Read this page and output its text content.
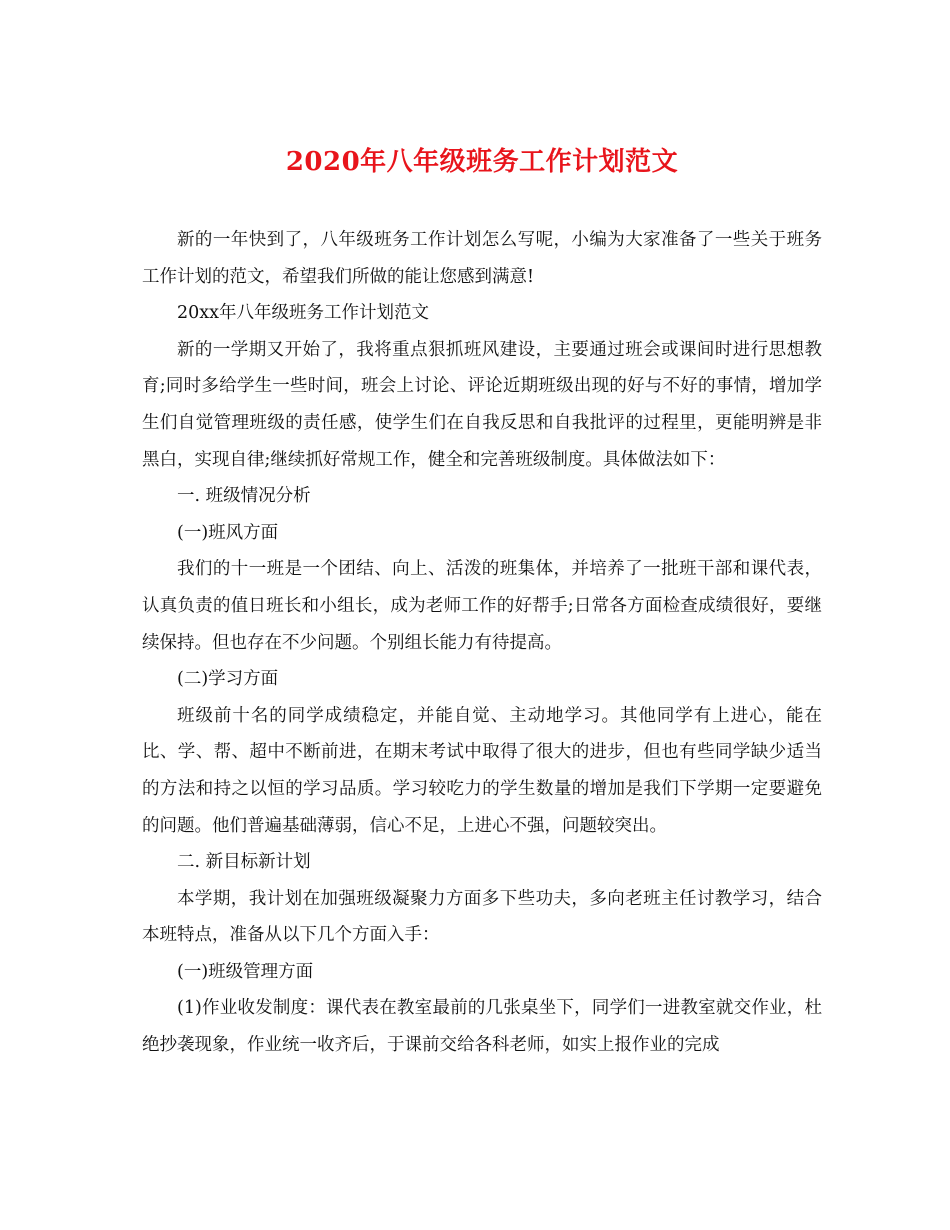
2020年八年级班务工作计划范文

新的一年快到了，八年级班务工作计划怎么写呢，小编为大家准备了一些关于班务工作计划的范文，希望我们所做的能让您感到满意!

20xx年八年级班务工作计划范文

新的一学期又开始了，我将重点狠抓班风建设，主要通过班会或课间时进行思想教育;同时多给学生一些时间，班会上讨论、评论近期班级出现的好与不好的事情，增加学生们自觉管理班级的责任感，使学生们在自我反思和自我批评的过程里，更能明辨是非黑白，实现自律;继续抓好常规工作，健全和完善班级制度。具体做法如下：

一. 班级情况分析

(一)班风方面

我们的十一班是一个团结、向上、活泼的班集体，并培养了一批班干部和课代表，认真负责的值日班长和小组长，成为老师工作的好帮手;日常各方面检查成绩很好，要继续保持。但也存在不少问题。个别组长能力有待提高。

(二)学习方面

班级前十名的同学成绩稳定，并能自觉、主动地学习。其他同学有上进心，能在比、学、帮、超中不断前进，在期末考试中取得了很大的进步，但也有些同学缺少适当的方法和持之以恒的学习品质。学习较吃力的学生数量的增加是我们下学期一定要避免的问题。他们普遍基础薄弱，信心不足，上进心不强，问题较突出。

二. 新目标新计划

本学期，我计划在加强班级凝聚力方面多下些功夫，多向老班主任讨教学习，结合本班特点，准备从以下几个方面入手：

(一)班级管理方面

(1)作业收发制度：课代表在教室最前的几张桌坐下，同学们一进教室就交作业，杜绝抄袭现象，作业统一收齐后，于课前交给各科老师，如实上报作业的完成
